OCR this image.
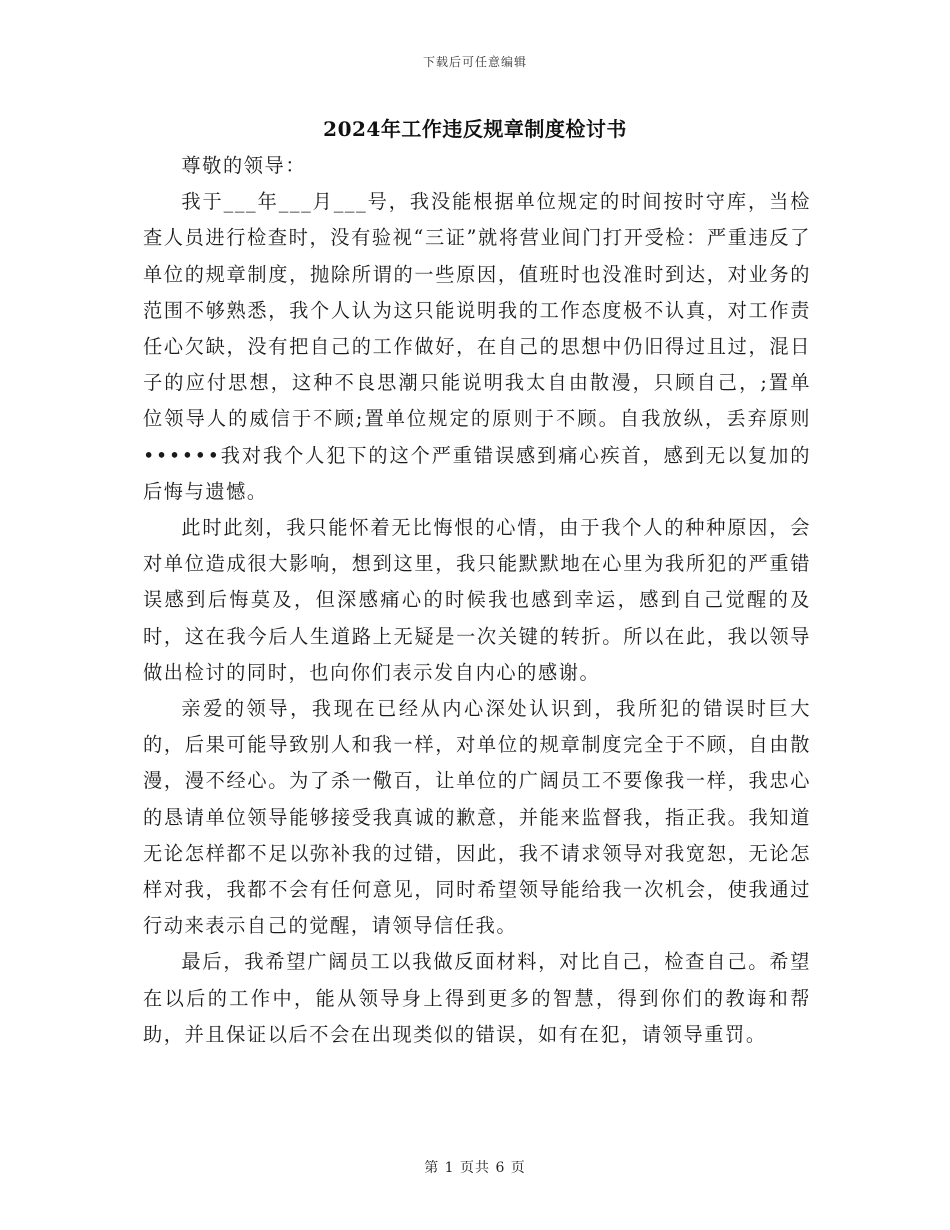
下载后可任意编辑
2024年工作违反规章制度检讨书

尊敬的领导：

我于___年___月___号，我没能根据单位规定的时间按时守库，当检查人员进行检查时，没有验视“三证”就将营业间门打开受检：严重违反了单位的规章制度，抛除所谓的一些原因，值班时也没准时到达，对业务的范围不够熟悉，我个人认为这只能说明我的工作态度极不认真，对工作责任心欠缺，没有把自己的工作做好，在自己的思想中仍旧得过且过，混日子的应付思想，这种不良思潮只能说明我太自由散漫，只顾自己，;置单位领导人的威信于不顾;置单位规定的原则于不顾。自我放纵，丢弃原则••••••我对我个人犯下的这个严重错误感到痛心疾首，感到无以复加的后悔与遗憾。

此时此刻，我只能怀着无比悔恨的心情，由于我个人的种种原因，会对单位造成很大影响，想到这里，我只能默默地在心里为我所犯的严重错误感到后悔莫及，但深感痛心的时候我也感到幸运，感到自己觉醒的及时，这在我今后人生道路上无疑是一次关键的转折。所以在此，我以领导做出检讨的同时，也向你们表示发自内心的感谢。

亲爱的领导，我现在已经从内心深处认识到，我所犯的错误时巨大的，后果可能导致别人和我一样，对单位的规章制度完全于不顾，自由散漫，漫不经心。为了杀一儆百，让单位的广阔员工不要像我一样，我忠心的恳请单位领导能够接受我真诚的歉意，并能来监督我，指正我。我知道无论怎样都不足以弥补我的过错，因此，我不请求领导对我宽恕，无论怎样对我，我都不会有任何意见，同时希望领导能给我一次机会，使我通过行动来表示自己的觉醒，请领导信任我。

最后，我希望广阔员工以我做反面材料，对比自己，检查自己。希望在以后的工作中，能从领导身上得到更多的智慧，得到你们的教诲和帮助，并且保证以后不会在出现类似的错误，如有在犯，请领导重罚。

第 1 页共 6 页
